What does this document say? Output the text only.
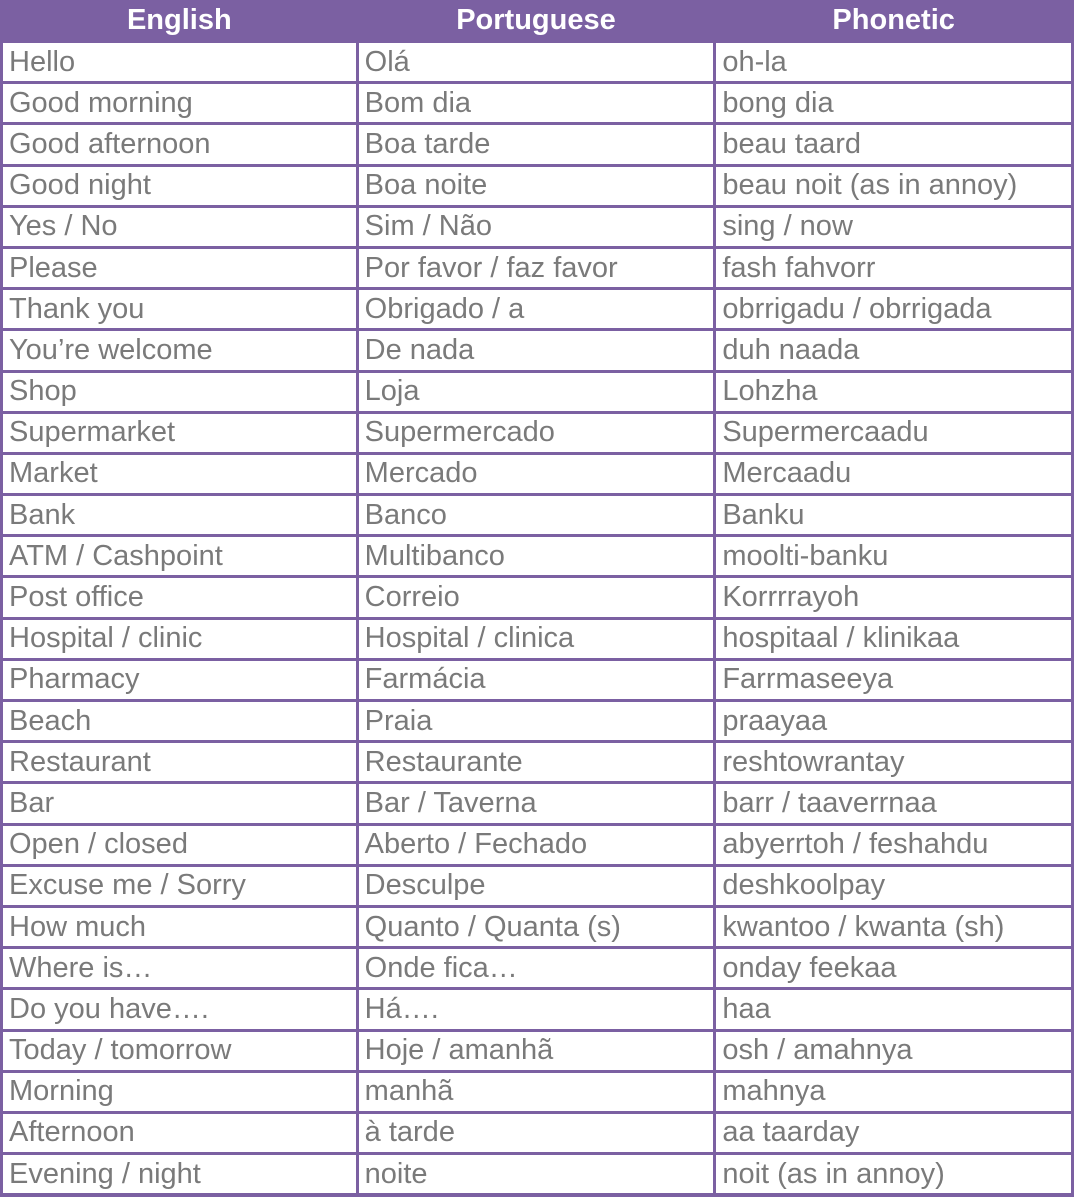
English	Portuguese	Phonetic
Hello	Olá	oh-la
Good morning	Bom dia	bong dia
Good afternoon	Boa tarde	beau taard
Good night	Boa noite	beau noit (as in annoy)
Yes / No	Sim / Não	sing / now
Please	Por favor / faz favor	fash fahvorr
Thank you	Obrigado / a	obrrigadu / obrrigada
You’re welcome	De nada	duh naada
Shop	Loja	Lohzha
Supermarket	Supermercado	Supermercaadu
Market	Mercado	Mercaadu
Bank	Banco	Banku
ATM / Cashpoint	Multibanco	moolti-banku
Post office	Correio	Korrrrayoh
Hospital / clinic	Hospital / clinica	hospitaal / klinikaa
Pharmacy	Farmácia	Farrmaseeya
Beach	Praia	praayaa
Restaurant	Restaurante	reshtowrantay
Bar	Bar / Taverna	barr / taaverrnaa
Open / closed	Aberto / Fechado	abyerrtoh / feshahdu
Excuse me / Sorry	Desculpe	deshkoolpay
How much	Quanto / Quanta (s)	kwantoo / kwanta (sh)
Where is…	Onde fica…	onday feekaa
Do you have….	Há….	haa
Today / tomorrow	Hoje / amanhã	osh / amahnya
Morning	manhã	mahnya
Afternoon	à tarde	aa taarday
Evening / night	noite	noit (as in annoy)
